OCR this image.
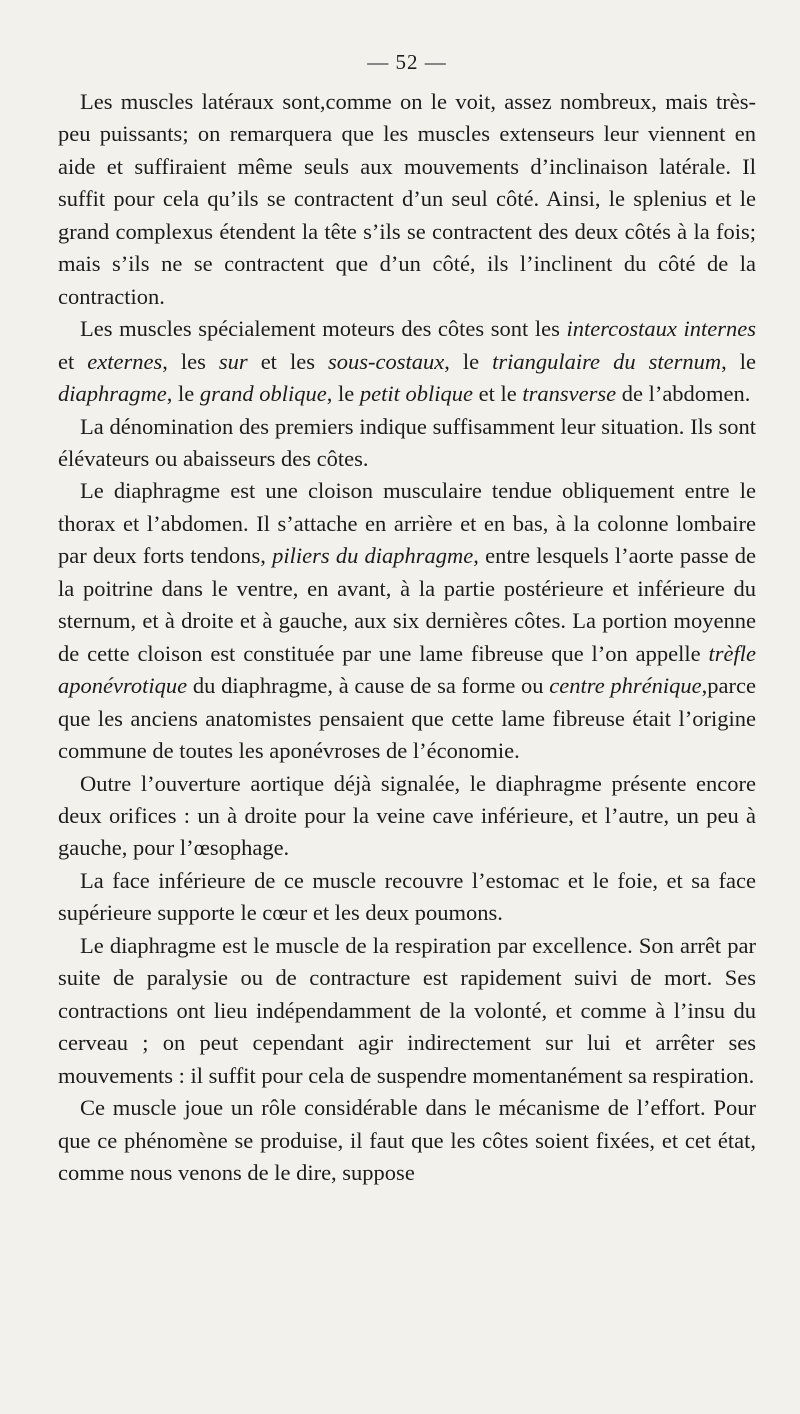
— 52 —

Les muscles latéraux sont,comme on le voit, assez nombreux, mais très-peu puissants; on remarquera que les muscles extenseurs leur viennent en aide et suffiraient même seuls aux mouvements d’inclinaison latérale. Il suffit pour cela qu’ils se contractent d’un seul côté. Ainsi, le splenius et le grand complexus étendent la tête s’ils se contractent des deux côtés à la fois; mais s’ils ne se contractent que d’un côté, ils l’inclinent du côté de la contraction.

Les muscles spécialement moteurs des côtes sont les intercostaux internes et externes, les sur et les sous-costaux, le triangulaire du sternum, le diaphragme, le grand oblique, le petit oblique et le transverse de l’abdomen.

La dénomination des premiers indique suffisamment leur situation. Ils sont élévateurs ou abaisseurs des côtes.

Le diaphragme est une cloison musculaire tendue obliquement entre le thorax et l’abdomen. Il s’attache en arrière et en bas, à la colonne lombaire par deux forts tendons, piliers du diaphragme, entre lesquels l’aorte passe de la poitrine dans le ventre, en avant, à la partie postérieure et inférieure du sternum, et à droite et à gauche, aux six dernières côtes. La portion moyenne de cette cloison est constituée par une lame fibreuse que l’on appelle trèfle aponévrotique du diaphragme, à cause de sa forme ou centre phrénique,parce que les anciens anatomistes pensaient que cette lame fibreuse était l’origine commune de toutes les aponévroses de l’économie.

Outre l’ouverture aortique déjà signalée, le diaphragme présente encore deux orifices : un à droite pour la veine cave inférieure, et l’autre, un peu à gauche, pour l’œsophage.

La face inférieure de ce muscle recouvre l’estomac et le foie, et sa face supérieure supporte le cœur et les deux poumons.

Le diaphragme est le muscle de la respiration par excellence. Son arrêt par suite de paralysie ou de contracture est rapidement suivi de mort. Ses contractions ont lieu indépendamment de la volonté, et comme à l’insu du cerveau ; on peut cependant agir indirectement sur lui et arrêter ses mouvements : il suffit pour cela de suspendre momentanément sa respiration.

Ce muscle joue un rôle considérable dans le mécanisme de l’effort. Pour que ce phénomène se produise, il faut que les côtes soient fixées, et cet état, comme nous venons de le dire, suppose
